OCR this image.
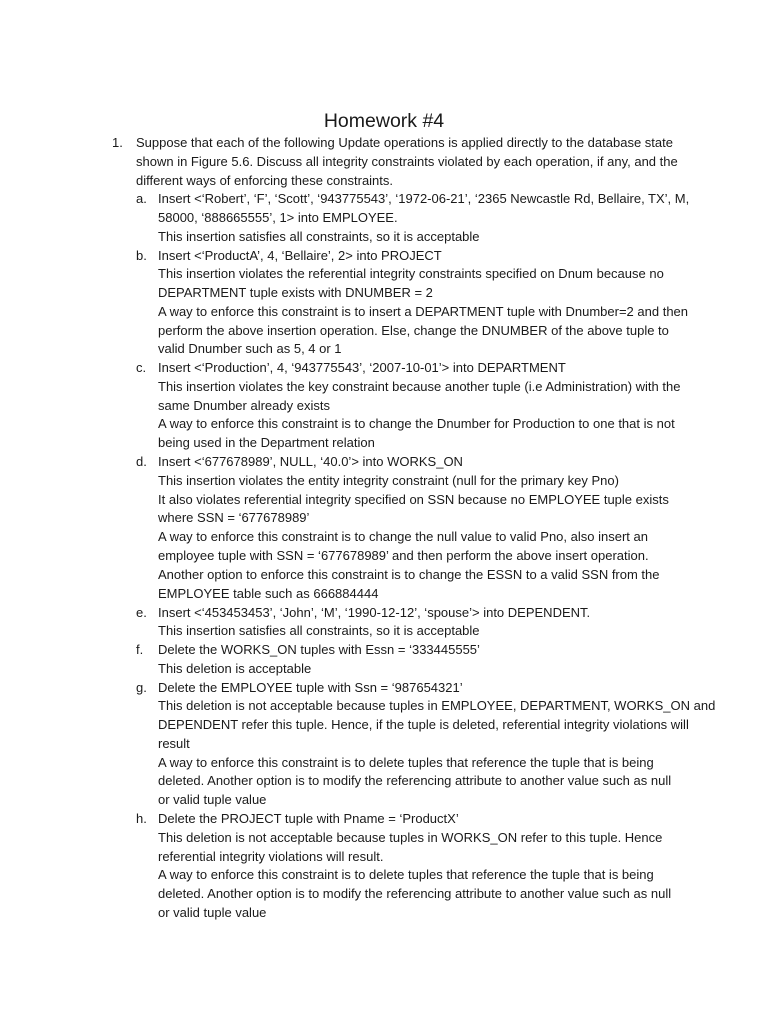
Homework #4
1. Suppose that each of the following Update operations is applied directly to the database state
shown in Figure 5.6. Discuss all integrity constraints violated by each operation, if any, and the
different ways of enforcing these constraints.
a. Insert <‘Robert’, ‘F’, ‘Scott’, ‘943775543’, ‘1972-06-21’, ‘2365 Newcastle Rd, Bellaire, TX’, M,
58000, ‘888665555’, 1> into EMPLOYEE.
This insertion satisfies all constraints, so it is acceptable
b. Insert <‘ProductA’, 4, ‘Bellaire’, 2> into PROJECT
This insertion violates the referential integrity constraints specified on Dnum because no
DEPARTMENT tuple exists with DNUMBER = 2
A way to enforce this constraint is to insert a DEPARTMENT tuple with Dnumber=2 and then
perform the above insertion operation. Else, change the DNUMBER of the above tuple to
valid Dnumber such as 5, 4 or 1
c. Insert <‘Production’, 4, ‘943775543’, ‘2007-10-01’> into DEPARTMENT
This insertion violates the key constraint because another tuple (i.e Administration) with the
same Dnumber already exists
A way to enforce this constraint is to change the Dnumber for Production to one that is not
being used in the Department relation
d. Insert <‘677678989’, NULL, ‘40.0’> into WORKS_ON
This insertion violates the entity integrity constraint (null for the primary key Pno)
It also violates referential integrity specified on SSN because no EMPLOYEE tuple exists
where SSN = ‘677678989’
A way to enforce this constraint is to change the null value to valid Pno, also insert an
employee tuple with SSN = ‘677678989’ and then perform the above insert operation.
Another option to enforce this constraint is to change the ESSN to a valid SSN from the
EMPLOYEE table such as 666884444
e. Insert <‘453453453’, ‘John’, ‘M’, ‘1990-12-12’, ‘spouse’> into DEPENDENT.
This insertion satisfies all constraints, so it is acceptable
f.	Delete the WORKS_ON tuples with Essn = ‘333445555’
This deletion is acceptable
g. Delete the EMPLOYEE tuple with Ssn = ‘987654321’
This deletion is not acceptable because tuples in EMPLOYEE, DEPARTMENT, WORKS_ON and
DEPENDENT refer this tuple. Hence, if the tuple is deleted, referential integrity violations will
result
A way to enforce this constraint is to delete tuples that reference the tuple that is being
deleted. Another option is to modify the referencing attribute to another value such as null
or valid tuple value
h. Delete the PROJECT tuple with Pname = ‘ProductX’
This deletion is not acceptable because tuples in WORKS_ON refer to this tuple. Hence
referential integrity violations will result.
A way to enforce this constraint is to delete tuples that reference the tuple that is being
deleted. Another option is to modify the referencing attribute to another value such as null
or valid tuple value
